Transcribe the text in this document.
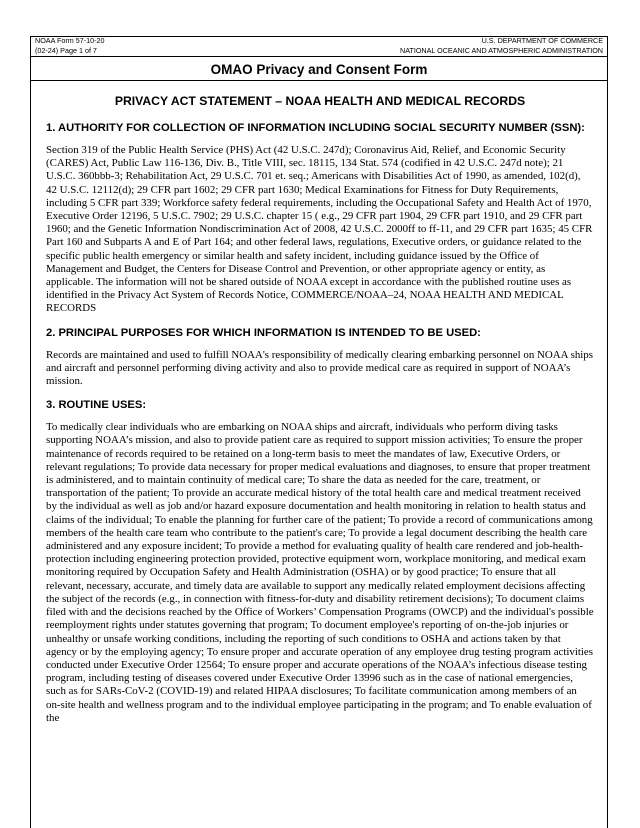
NOAA Form 57-10-20	U.S. DEPARTMENT OF COMMERCE
(02-24) Page 1 of 7	NATIONAL OCEANIC AND ATMOSPHERIC ADMINISTRATION
OMAO Privacy and Consent Form
PRIVACY ACT STATEMENT – NOAA HEALTH AND MEDICAL RECORDS
1. AUTHORITY FOR COLLECTION OF INFORMATION INCLUDING SOCIAL SECURITY NUMBER (SSN):
Section 319 of the Public Health Service (PHS) Act (42 U.S.C. 247d); Coronavirus Aid, Relief, and Economic Security (CARES) Act, Public Law 116-136, Div. B., Title VIII, sec. 18115, 134 Stat. 574 (codified in 42 U.S.C. 247d note); 21 U.S.C. 360bbb-3; Rehabilitation Act, 29 U.S.C. 701 et. seq.; Americans with Disabilities Act of 1990, as amended, 102(d), 42 U.S.C. 12112(d); 29 CFR part 1602; 29 CFR part 1630; Medical Examinations for Fitness for Duty Requirements, including 5 CFR part 339; Workforce safety federal requirements, including the Occupational Safety and Health Act of 1970, Executive Order 12196, 5 U.S.C. 7902; 29 U.S.C. chapter 15 ( e.g., 29 CFR part 1904, 29 CFR part 1910, and 29 CFR part 1960; and the Genetic Information Nondiscrimination Act of 2008, 42 U.S.C. 2000ff to ff-11, and 29 CFR part 1635; 45 CFR Part 160 and Subparts A and E of Part 164; and other federal laws, regulations, Executive orders, or guidance related to the specific public health emergency or similar health and safety incident, including guidance issued by the Office of Management and Budget, the Centers for Disease Control and Prevention, or other appropriate agency or entity, as applicable. The information will not be shared outside of NOAA except in accordance with the published routine uses as identified in the Privacy Act System of Records Notice, COMMERCE/NOAA–24, NOAA HEALTH AND MEDICAL RECORDS
2. PRINCIPAL PURPOSES FOR WHICH INFORMATION IS INTENDED TO BE USED:
Records are maintained and used to fulfill NOAA's responsibility of medically clearing embarking personnel on NOAA ships and aircraft and personnel performing diving activity and also to provide medical care as required in support of NOAA’s mission.
3. ROUTINE USES:
To medically clear individuals who are embarking on NOAA ships and aircraft, individuals who perform diving tasks supporting NOAA’s mission, and also to provide patient care as required to support mission activities; To ensure the proper maintenance of records required to be retained on a long-term basis to meet the mandates of law, Executive Orders, or relevant regulations; To provide data necessary for proper medical evaluations and diagnoses, to ensure that proper treatment is administered, and to maintain continuity of medical care; To share the data as needed for the care, treatment, or transportation of the patient; To provide an accurate medical history of the total health care and medical treatment received by the individual as well as job and/or hazard exposure documentation and health monitoring in relation to health status and claims of the individual; To enable the planning for further care of the patient; To provide a record of communications among members of the health care team who contribute to the patient's care; To provide a legal document describing the health care administered and any exposure incident; To provide a method for evaluating quality of health care rendered and job-health-protection including engineering protection provided, protective equipment worn, workplace monitoring, and medical exam monitoring required by Occupation Safety and Health Administration (OSHA) or by good practice; To ensure that all relevant, necessary, accurate, and timely data are available to support any medically related employment decisions affecting the subject of the records (e.g., in connection with fitness-for-duty and disability retirement decisions); To document claims filed with and the decisions reached by the Office of Workers’ Compensation Programs (OWCP) and the individual's possible reemployment rights under statutes governing that program; To document employee's reporting of on-the-job injuries or unhealthy or unsafe working conditions, including the reporting of such conditions to OSHA and actions taken by that agency or by the employing agency; To ensure proper and accurate operation of any employee drug testing program activities conducted under Executive Order 12564; To ensure proper and accurate operations of the NOAA’s infectious disease testing program, including testing of diseases covered under Executive Order 13996 such as in the case of national emergencies, such as for SARs-CoV-2 (COVID-19) and related HIPAA disclosures; To facilitate communication among members of an on-site health and wellness program and to the individual employee participating in the program; and To enable evaluation of the
